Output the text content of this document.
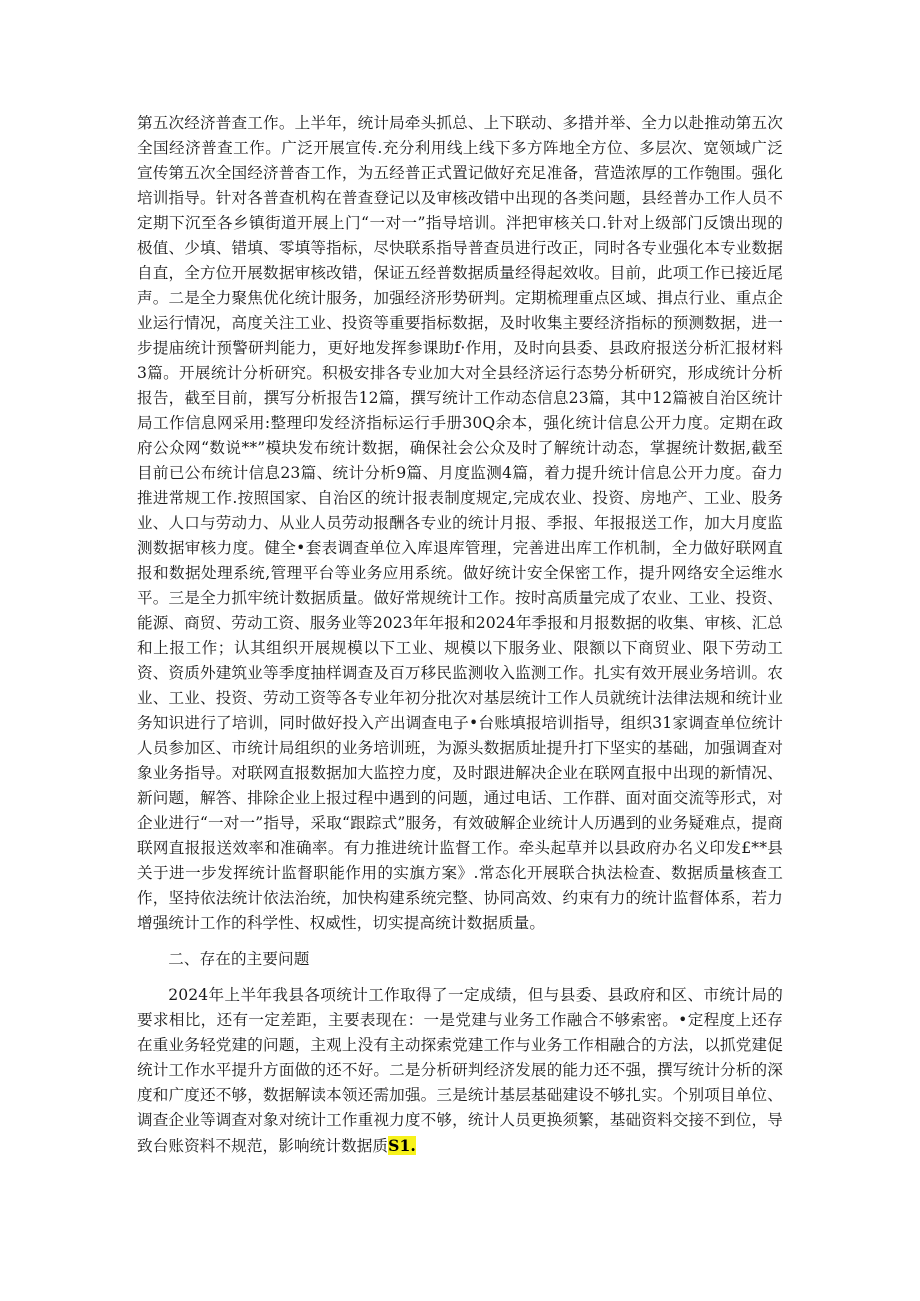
第五次经济普查工作。上半年，统计局牵头抓总、上下联动、多措并举、全力以赴推动第五次全国经济普查工作。广泛开展宣传.充分利用线上线下多方阵地全方位、多层次、宽领域广泛宣传第五次全国经济普杳工作，为五经普正式置记做好充足准备，营造浓厚的工作匏围。强化培训指导。针对各普查机构在普查登记以及审核改错中出现的各类问题，县经普办工作人员不定期下沉至各乡镇街道开展上门“一对一”指导培训。泮把审核关口.针对上级部门反馈出现的极值、少填、错填、零填等指标，尽快联系指导普查员进行改正，同时各专业强化本专业数据自直，全方位开展数据审核改错，保证五经普数据质量经得起效收。目前，此项工作已接近尾声。二是全力聚焦优化统计服务，加强经济形势研判。定期梳理重点区域、揖点行业、重点企业运行情况，高度关注工业、投资等重要指标数据，及时收集主要经济指标的预测数据，进一步提庙统计预警研判能力，更好地发挥参课助f·作用，及时向县委、县政府报送分析汇报材料3篇。开展统计分析研究。积极安排各专业加大对全县经济运行态势分析研究，形成统计分析报告，截至目前，撰写分析报告12篇，撰写统计工作动态信息23篇，其中12篇被自治区统计局工作信息网采用:整理印发经济指标运行手册30Q余本，强化统计信息公开力度。定期在政府公众网“数说**”模块发布统计数据，确保社会公众及时了解统计动态，掌握统计数据,截至目前已公布统计信息23篇、统计分析9篇、月度监测4篇，着力提升统计信息公开力度。奋力推进常规工作.按照国家、自治区的统计报表制度规定,完成农业、投资、房地产、工业、股务业、人口与劳动力、从业人员劳动报酬各专业的统计月报、季报、年报报送工作，加大月度监测数据审核力度。健全•套表调查单位入库退库管理，完善进出库工作机制，全力做好联网直报和数据处理系统,管理平台等业务应用系统。做好统计安全保密工作，提升网络安全运维水平。三是全力抓牢统计数据质量。做好常规统计工作。按时高质量完成了农业、工业、投资、能源、商贸、劳动工资、服务业等2023年年报和2024年季报和月报数据的收集、审核、汇总和上报工作；认其组织开展规模以下工业、规模以下服务业、限额以下商贸业、限下劳动工资、资质外建筑业等季度抽样调查及百万移民监测收入监测工作。扎实有效开展业务培训。农业、工业、投资、劳动工资等各专业年初分批次对基层统计工作人员就统计法律法规和统计业务知识进行了培训，同时做好投入产出调查电子•台账填报培训指导，组织31家调查单位统计人员参加区、市统计局组织的业务培训班，为源头数据质址提升打下坚实的基础，加强调査对象业务指导。对联网直报数据加大监控力度，及时跟进解决企业在联网直报中出现的新情况、新问题，解答、排除企业上报过程中遇到的问题，通过电话、工作群、面对面交流等形式，对企业进行“一对一”指导，采取“跟踪式”服务，有效破解企业统计人历遇到的业务疑难点，提商联网直报报送效率和准确率。有力推进统计监督工作。牵头起草并以县政府办名义印发£**县关于进一步发挥统计监督职能作用的实旗方案》.常态化开展联合执法检查、数据质量核查工作，坚持依法统计依法治统，加快构建系统完整、协同高效、约束有力的统计监督体系，若力增强统计工作的科学性、权威性，切实提高统计数据质量。

二、存在的主要问题

2024年上半年我县各项统计工作取得了一定成绩，但与县委、县政府和区、市统计局的要求相比，还有一定差距，主要表现在：一是党建与业务工作融合不够索密。•定程度上还存在重业务轻党建的问题，主观上没有主动探索党建工作与业务工作相融合的方法，以抓党建促统计工作水平提升方面做的还不好。二是分析研判经济发展的能力还不强，撰写统计分析的深度和广度还不够，数据解读本领还需加强。三是统计基层基础建设不够扎实。个别项目单位、调查企业等调查对象对统计工作重视力度不够，统计人员更换须繁，基础资料交接不到位，导致台账资料不规范，影响统计数据质S1.
